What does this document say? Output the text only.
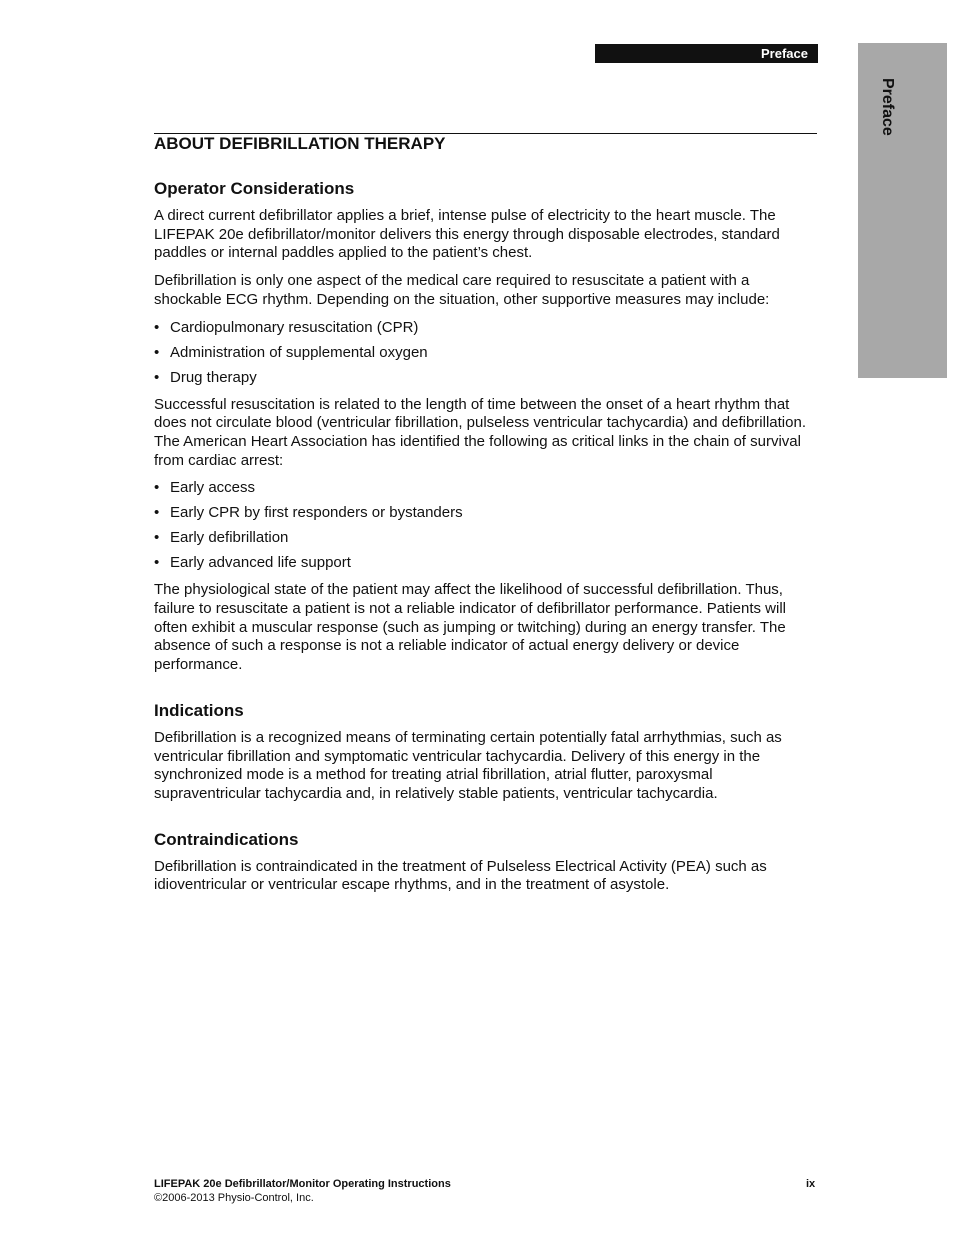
Preface
Preface
ABOUT DEFIBRILLATION THERAPY
Operator Considerations

A direct current defibrillator applies a brief, intense pulse of electricity to the heart muscle. The LIFEPAK 20e defibrillator/monitor delivers this energy through disposable electrodes, standard paddles or internal paddles applied to the patient’s chest.

Defibrillation is only one aspect of the medical care required to resuscitate a patient with a shockable ECG rhythm. Depending on the situation, other supportive measures may include:

• Cardiopulmonary resuscitation (CPR)
• Administration of supplemental oxygen
• Drug therapy

Successful resuscitation is related to the length of time between the onset of a heart rhythm that does not circulate blood (ventricular fibrillation, pulseless ventricular tachycardia) and defibrillation. The American Heart Association has identified the following as critical links in the chain of survival from cardiac arrest:

• Early access
• Early CPR by first responders or bystanders
• Early defibrillation
• Early advanced life support

The physiological state of the patient may affect the likelihood of successful defibrillation. Thus, failure to resuscitate a patient is not a reliable indicator of defibrillator performance. Patients will often exhibit a muscular response (such as jumping or twitching) during an energy transfer. The absence of such a response is not a reliable indicator of actual energy delivery or device performance.

Indications

Defibrillation is a recognized means of terminating certain potentially fatal arrhythmias, such as ventricular fibrillation and symptomatic ventricular tachycardia. Delivery of this energy in the synchronized mode is a method for treating atrial fibrillation, atrial flutter, paroxysmal supraventricular tachycardia and, in relatively stable patients, ventricular tachycardia.

Contraindications

Defibrillation is contraindicated in the treatment of Pulseless Electrical Activity (PEA) such as idioventricular or ventricular escape rhythms, and in the treatment of asystole.

LIFEPAK 20e Defibrillator/Monitor Operating Instructions
©2006-2013 Physio-Control, Inc.
ix
